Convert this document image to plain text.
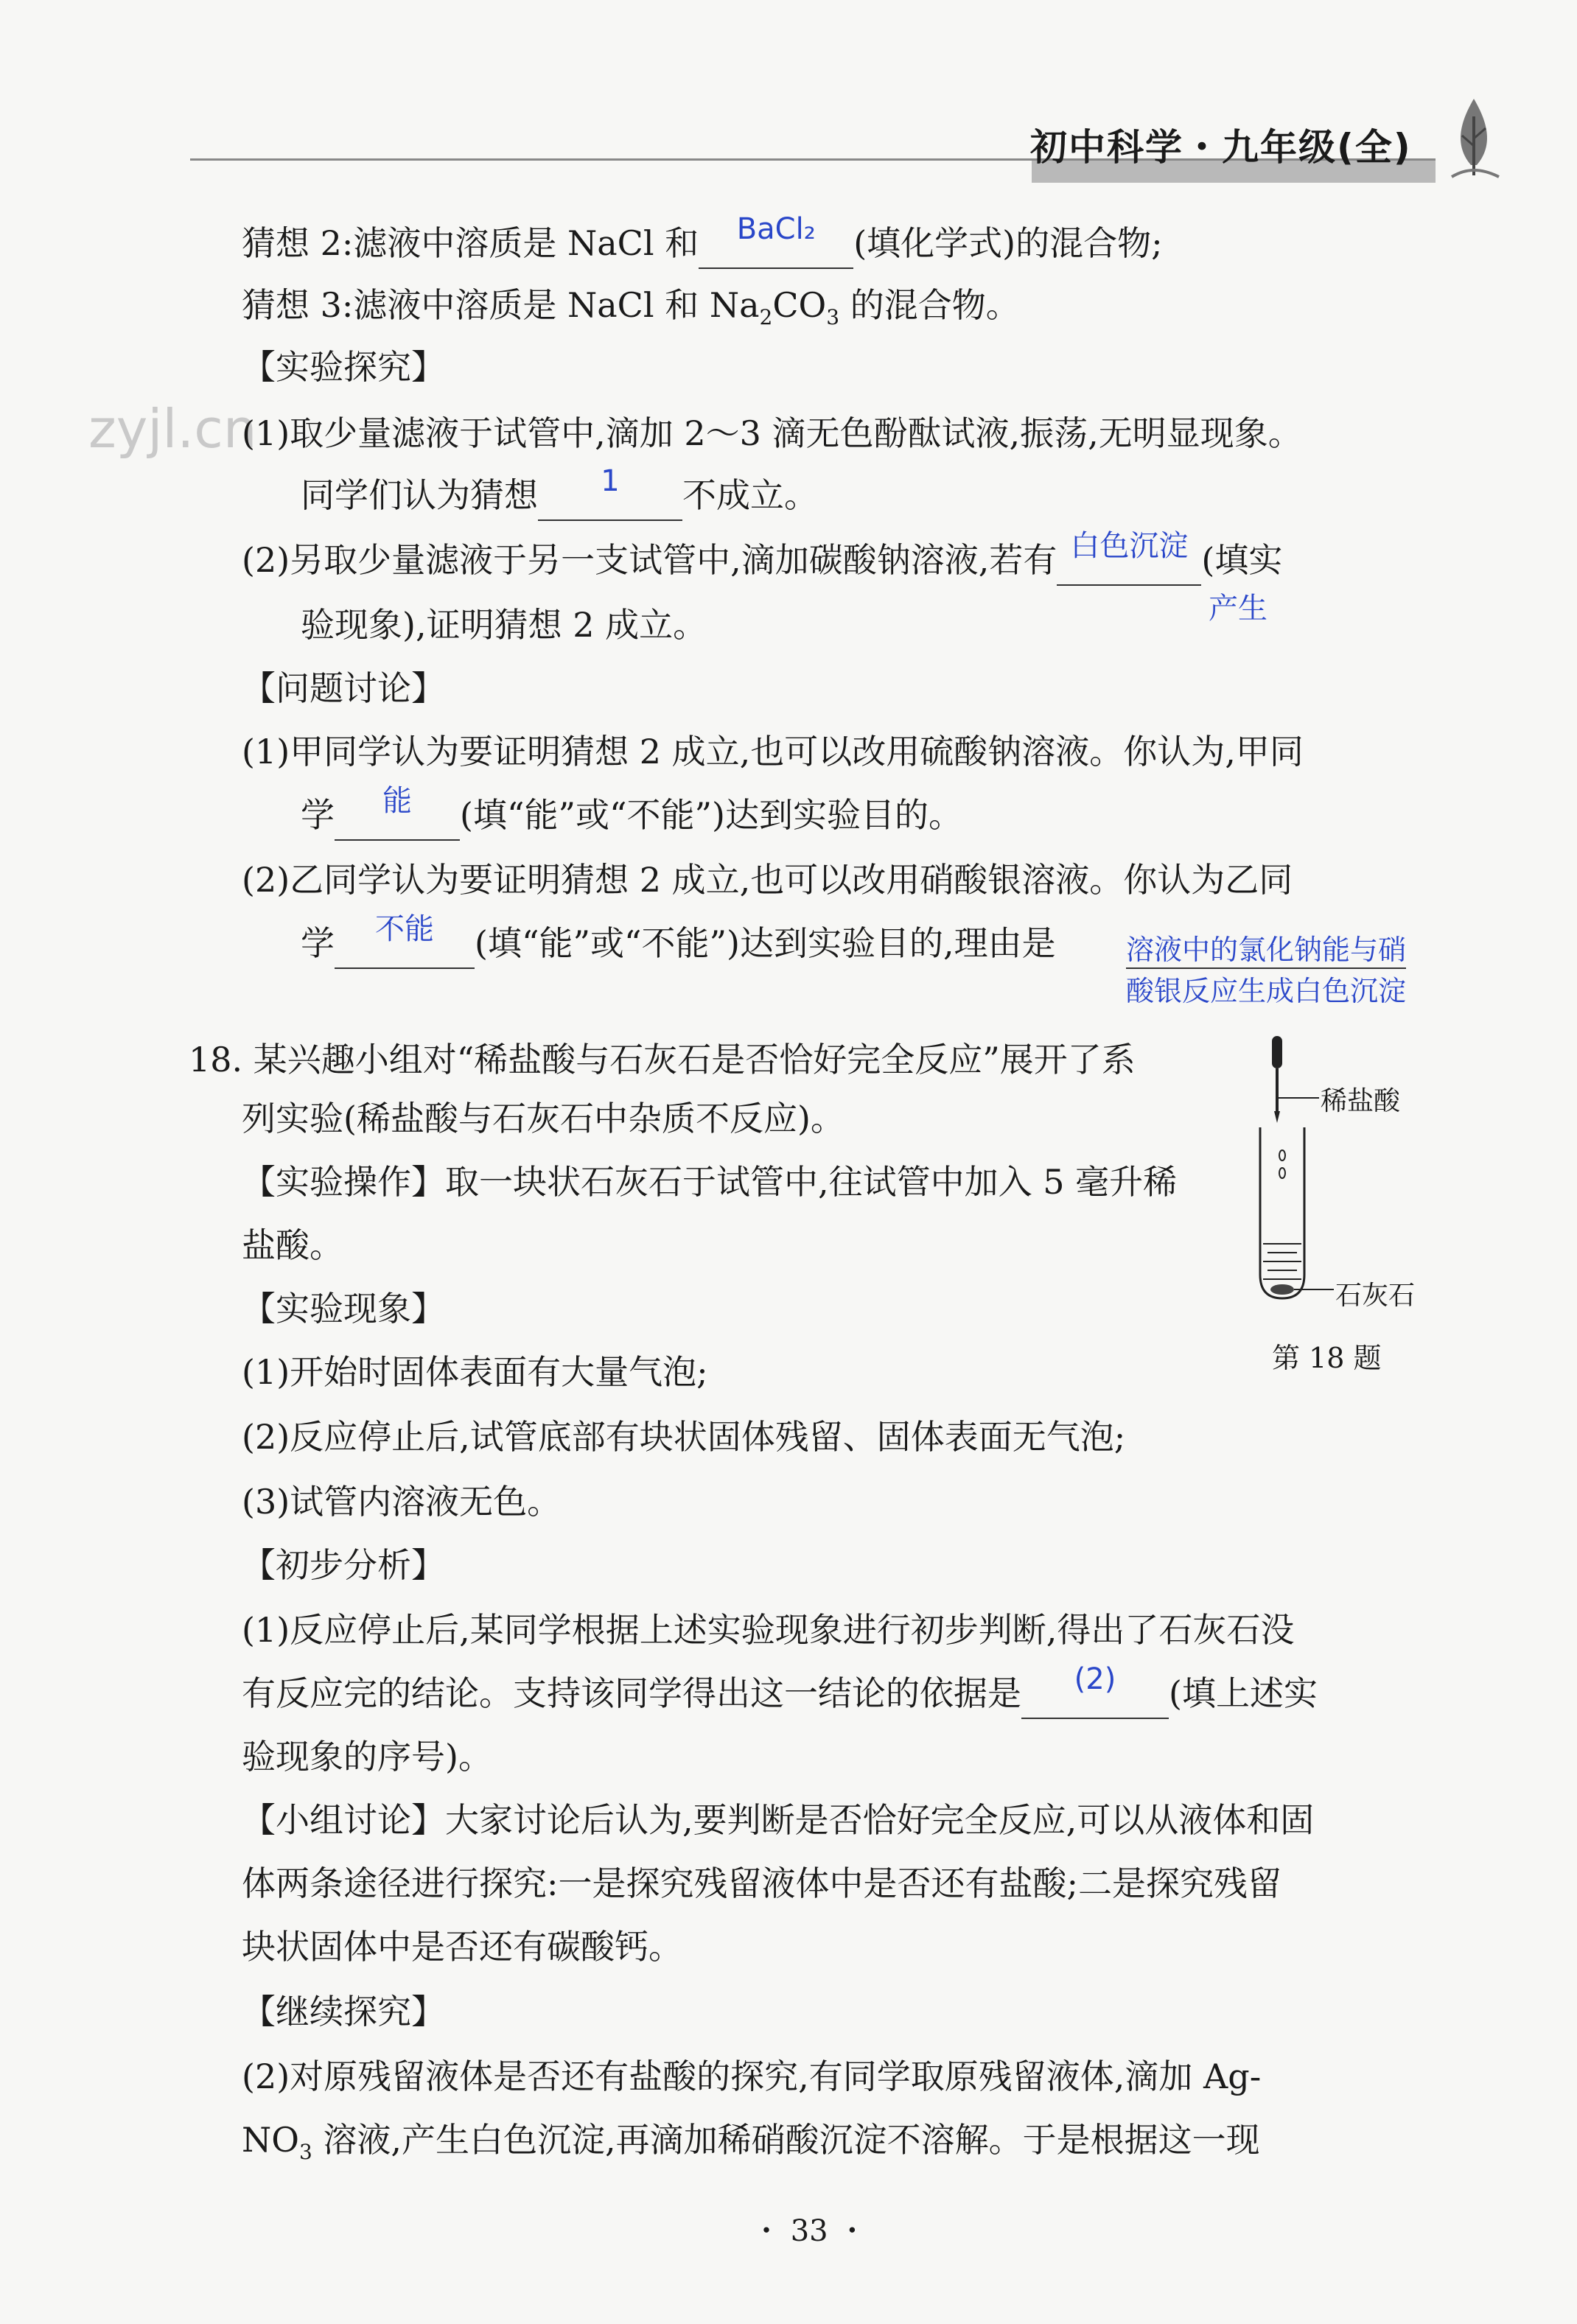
初中科学・九年级(全)
zyjl.cn
猜想 2:滤液中溶质是 NaCl 和 BaCl₂ (填化学式)的混合物;
猜想 3:滤液中溶质是 NaCl 和 $Na_2CO_3$ 的混合物。
【实验探究】
(1)取少量滤液于试管中,滴加 2～3 滴无色酚酞试液,振荡,无明显现象。
同学们认为猜想 1 不成立。
(2)另取少量滤液于另一支试管中,滴加碳酸钠溶液,若有 白色沉淀 (填实
产生
验现象),证明猜想 2 成立。
【问题讨论】
(1)甲同学认为要证明猜想 2 成立,也可以改用硫酸钠溶液。你认为,甲同
学 能 (填“能”或“不能”)达到实验目的。
(2)乙同学认为要证明猜想 2 成立,也可以改用硝酸银溶液。你认为乙同
学 不能 (填“能”或“不能”)达到实验目的,理由是	溶液中的氯化钠能与硝
酸银反应生成白色沉淀
18. 某兴趣小组对“稀盐酸与石灰石是否恰好完全反应”展开了系
列实验(稀盐酸与石灰石中杂质不反应)。
【实验操作】取一块状石灰石于试管中,往试管中加入 5 毫升稀
盐酸。
【实验现象】
(1)开始时固体表面有大量气泡;
(2)反应停止后,试管底部有块状固体残留、固体表面无气泡;
(3)试管内溶液无色。
【初步分析】
(1)反应停止后,某同学根据上述实验现象进行初步判断,得出了石灰石没
有反应完的结论。支持该同学得出这一结论的依据是 (2) (填上述实
验现象的序号)。
【小组讨论】大家讨论后认为,要判断是否恰好完全反应,可以从液体和固
体两条途径进行探究:一是探究残留液体中是否还有盐酸;二是探究残留
块状固体中是否还有碳酸钙。
【继续探究】
(2)对原残留液体是否还有盐酸的探究,有同学取原残留液体,滴加 Ag-
$NO_3$ 溶液,产生白色沉淀,再滴加稀硝酸沉淀不溶解。于是根据这一现
稀盐酸
石灰石
第 18 题
・ 33 ・
